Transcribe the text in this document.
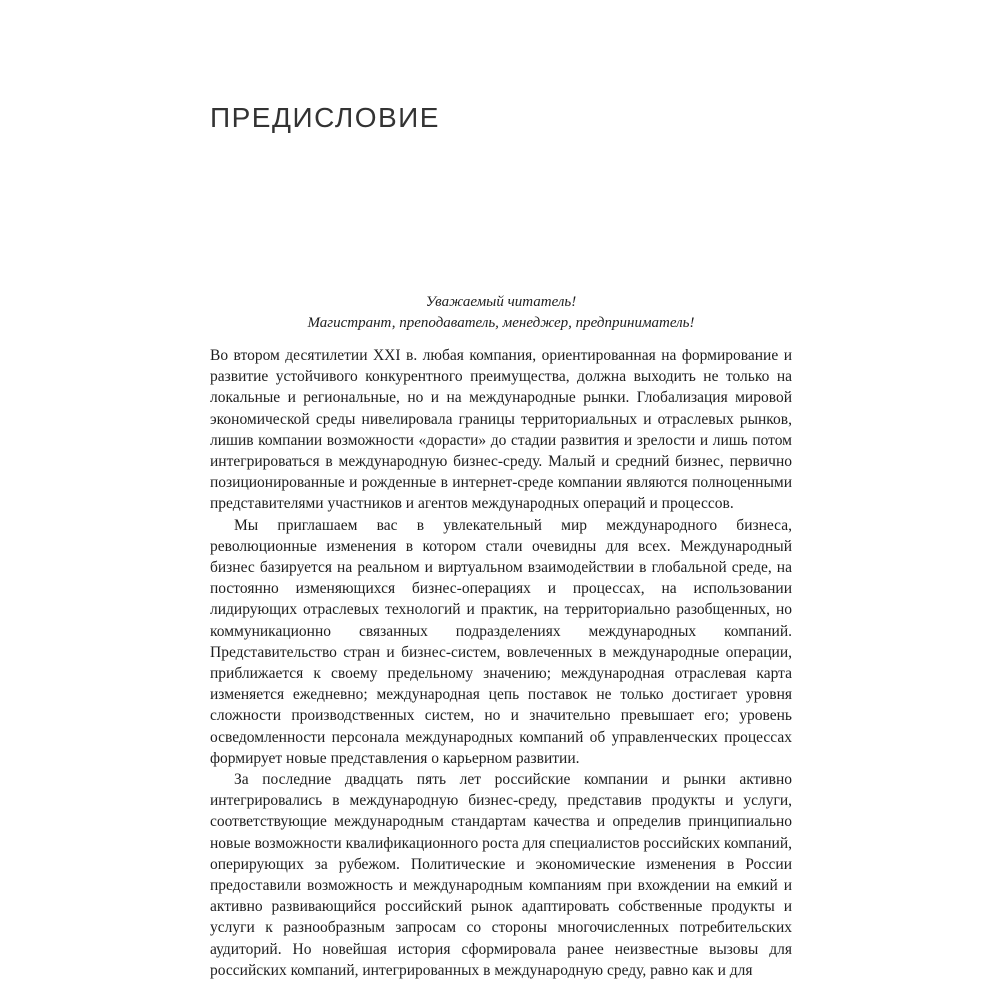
ПРЕДИСЛОВИЕ
Уважаемый читатель!
Магистрант, преподаватель, менеджер, предприниматель!

Во втором десятилетии XXI в. любая компания, ориентированная на формирование и развитие устойчивого конкурентного преимущества, должна выходить не только на локальные и региональные, но и на международные рынки. Глобализация мировой экономической среды нивелировала границы территориальных и отраслевых рынков, лишив компании возможности «дорасти» до стадии развития и зрелости и лишь потом интегрироваться в международную бизнес-среду. Малый и средний бизнес, первично позиционированные и рожденные в интернет-среде компании являются полноценными представителями участников и агентов международных операций и процессов.

Мы приглашаем вас в увлекательный мир международного бизнеса, революционные изменения в котором стали очевидны для всех. Международный бизнес базируется на реальном и виртуальном взаимодействии в глобальной среде, на постоянно изменяющихся бизнес-операциях и процессах, на использовании лидирующих отраслевых технологий и практик, на территориально разобщенных, но коммуникационно связанных подразделениях международных компаний. Представительство стран и бизнес-систем, вовлеченных в международные операции, приближается к своему предельному значению; международная отраслевая карта изменяется ежедневно; международная цепь поставок не только достигает уровня сложности производственных систем, но и значительно превышает его; уровень осведомленности персонала международных компаний об управленческих процессах формирует новые представления о карьерном развитии.

За последние двадцать пять лет российские компании и рынки активно интегрировались в международную бизнес-среду, представив продукты и услуги, соответствующие международным стандартам качества и определив принципиально новые возможности квалификационного роста для специалистов российских компаний, оперирующих за рубежом. Политические и экономические изменения в России предоставили возможность и международным компаниям при вхождении на емкий и активно развивающийся российский рынок адаптировать собственные продукты и услуги к разнообразным запросам со стороны многочисленных потребительских аудиторий. Но новейшая история сформировала ранее неизвестные вызовы для российских компаний, интегрированных в международную среду, равно как и для
